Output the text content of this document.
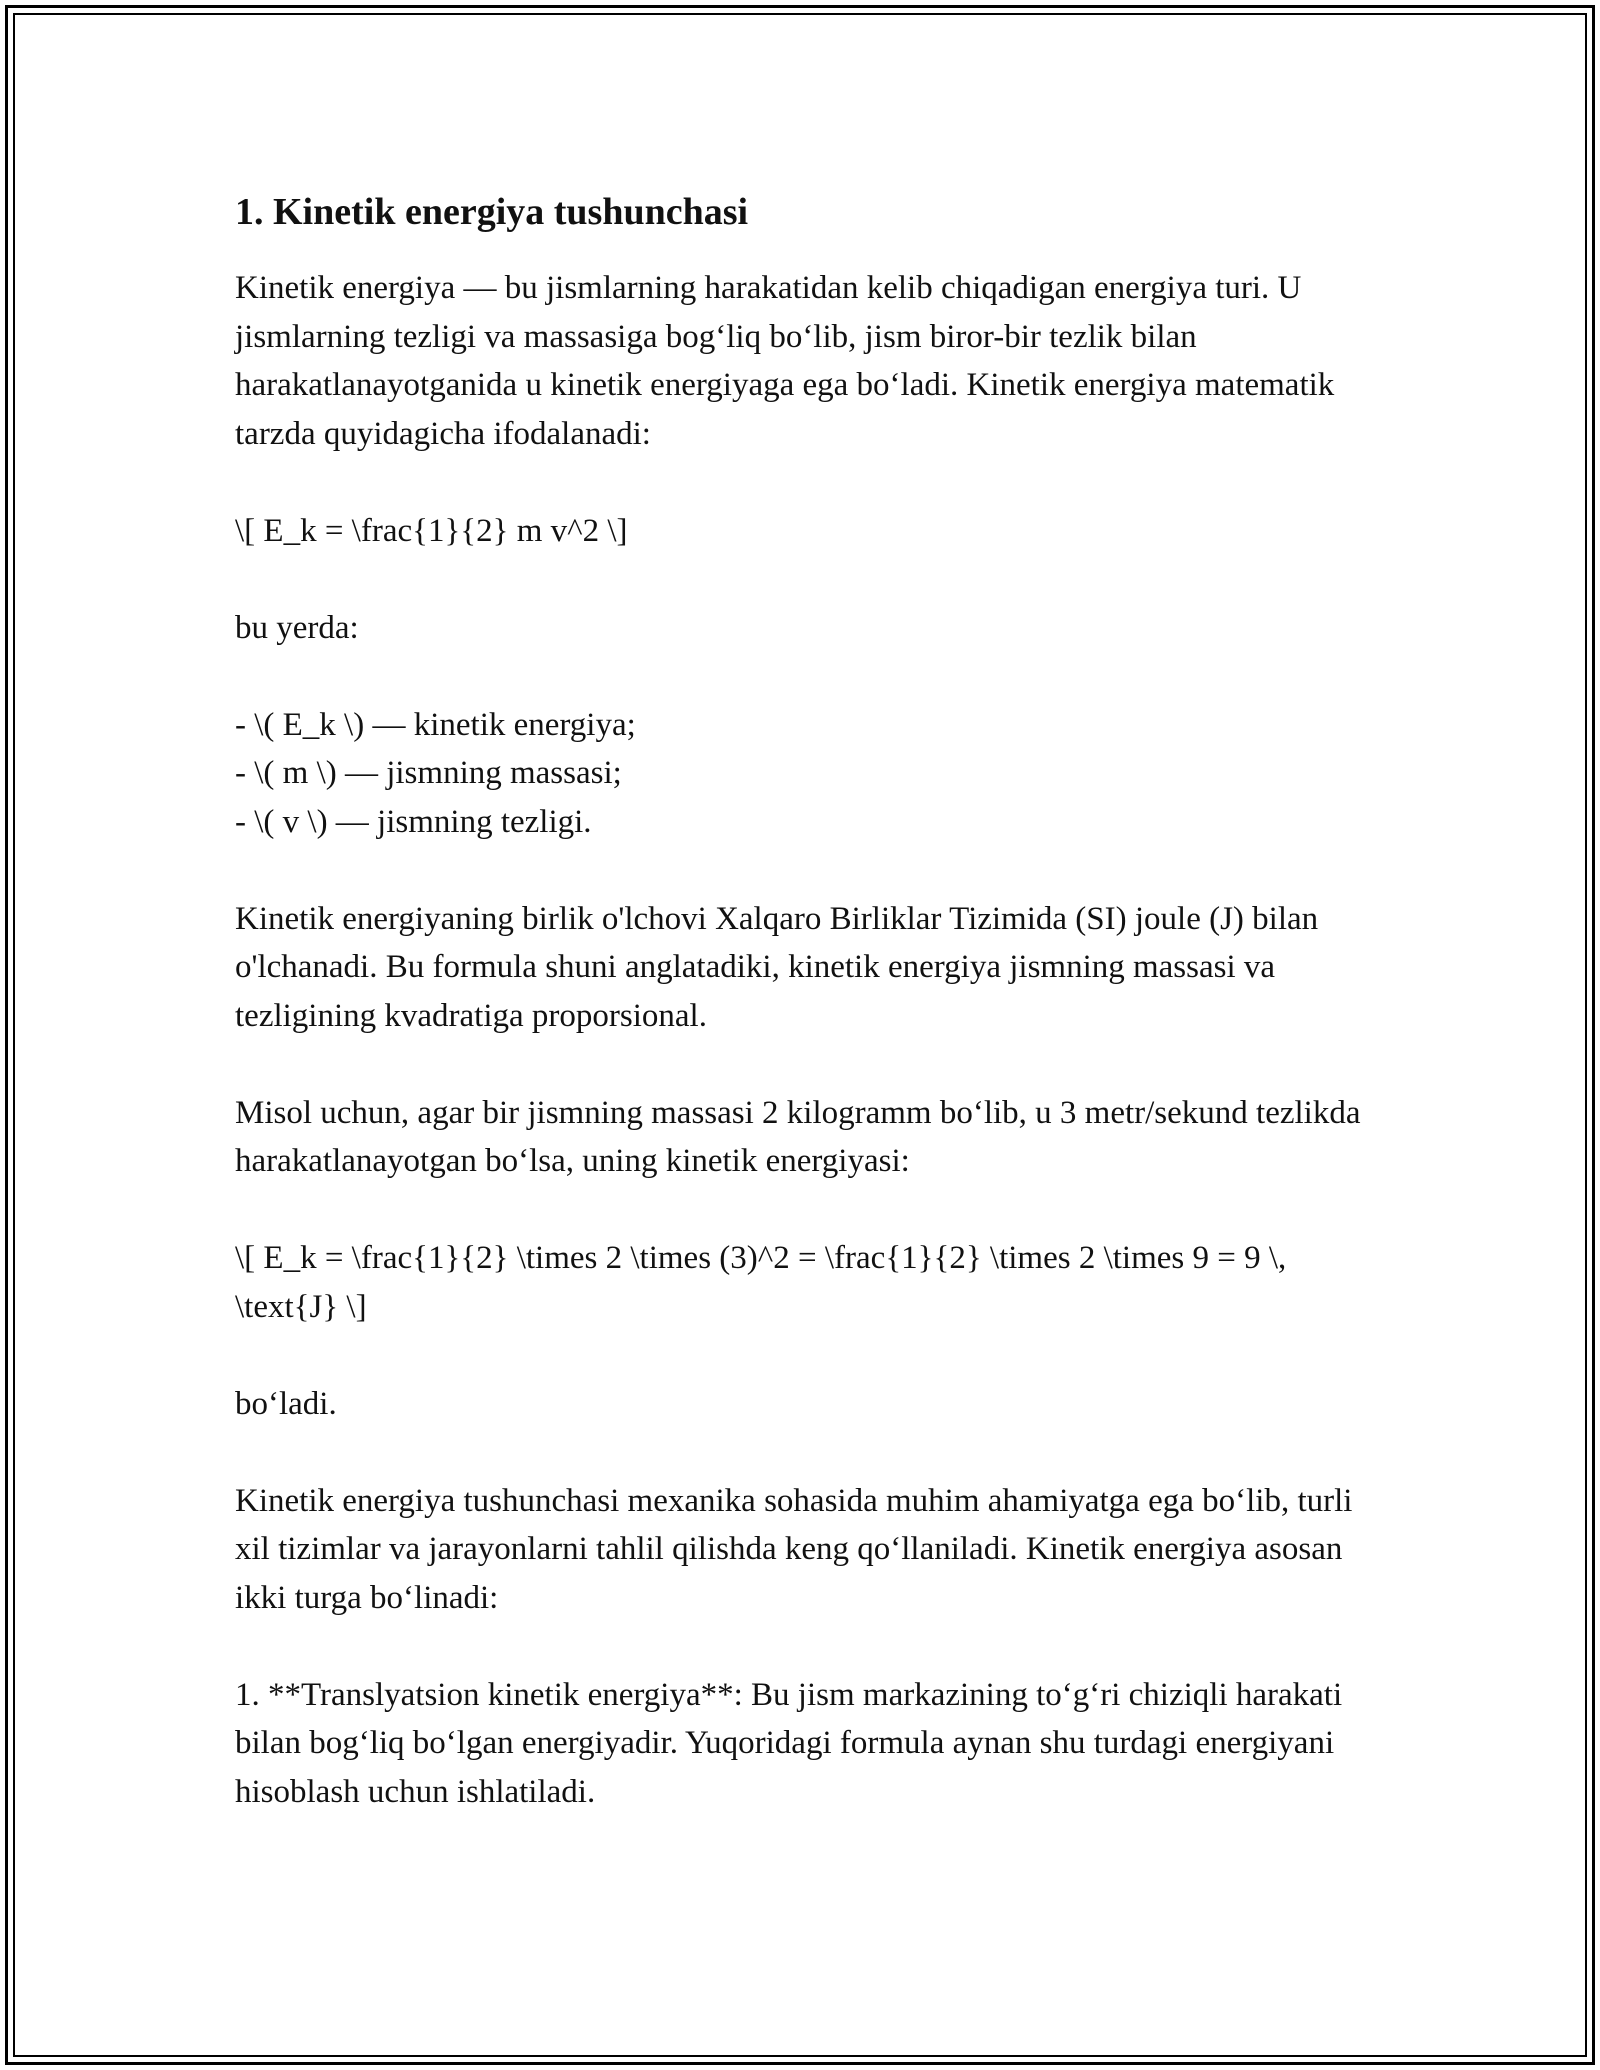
1. Kinetik energiya tushunchasi

Kinetik energiya — bu jismlarning harakatidan kelib chiqadigan energiya turi. U jismlarning tezligi va massasiga bog‘liq bo‘lib, jism biror-bir tezlik bilan harakatlanayotganida u kinetik energiyaga ega bo‘ladi. Kinetik energiya matematik tarzda quyidagicha ifodalanadi:

\[ E_k = \frac{1}{2} m v^2 \]

bu yerda:

- \( E_k \) — kinetik energiya;

- \( m \) — jismning massasi;

- \( v \) — jismning tezligi.

Kinetik energiyaning birlik o'lchovi Xalqaro Birliklar Tizimida (SI) joule (J) bilan o'lchanadi. Bu formula shuni anglatadiki, kinetik energiya jismning massasi va tezligining kvadratiga proporsional.

Misol uchun, agar bir jismning massasi 2 kilogramm bo‘lib, u 3 metr/sekund tezlikda harakatlanayotgan bo‘lsa, uning kinetik energiyasi:

\[ E_k = \frac{1}{2} \times 2 \times (3)^2 = \frac{1}{2} \times 2 \times 9 = 9 \, \text{J} \]

bo‘ladi.

Kinetik energiya tushunchasi mexanika sohasida muhim ahamiyatga ega bo‘lib, turli xil tizimlar va jarayonlarni tahlil qilishda keng qo‘llaniladi. Kinetik energiya asosan ikki turga bo‘linadi:

1. **Translyatsion kinetik energiya**: Bu jism markazining to‘g‘ri chiziqli harakati bilan bog‘liq bo‘lgan energiyadir. Yuqoridagi formula aynan shu turdagi energiyani hisoblash uchun ishlatiladi.
